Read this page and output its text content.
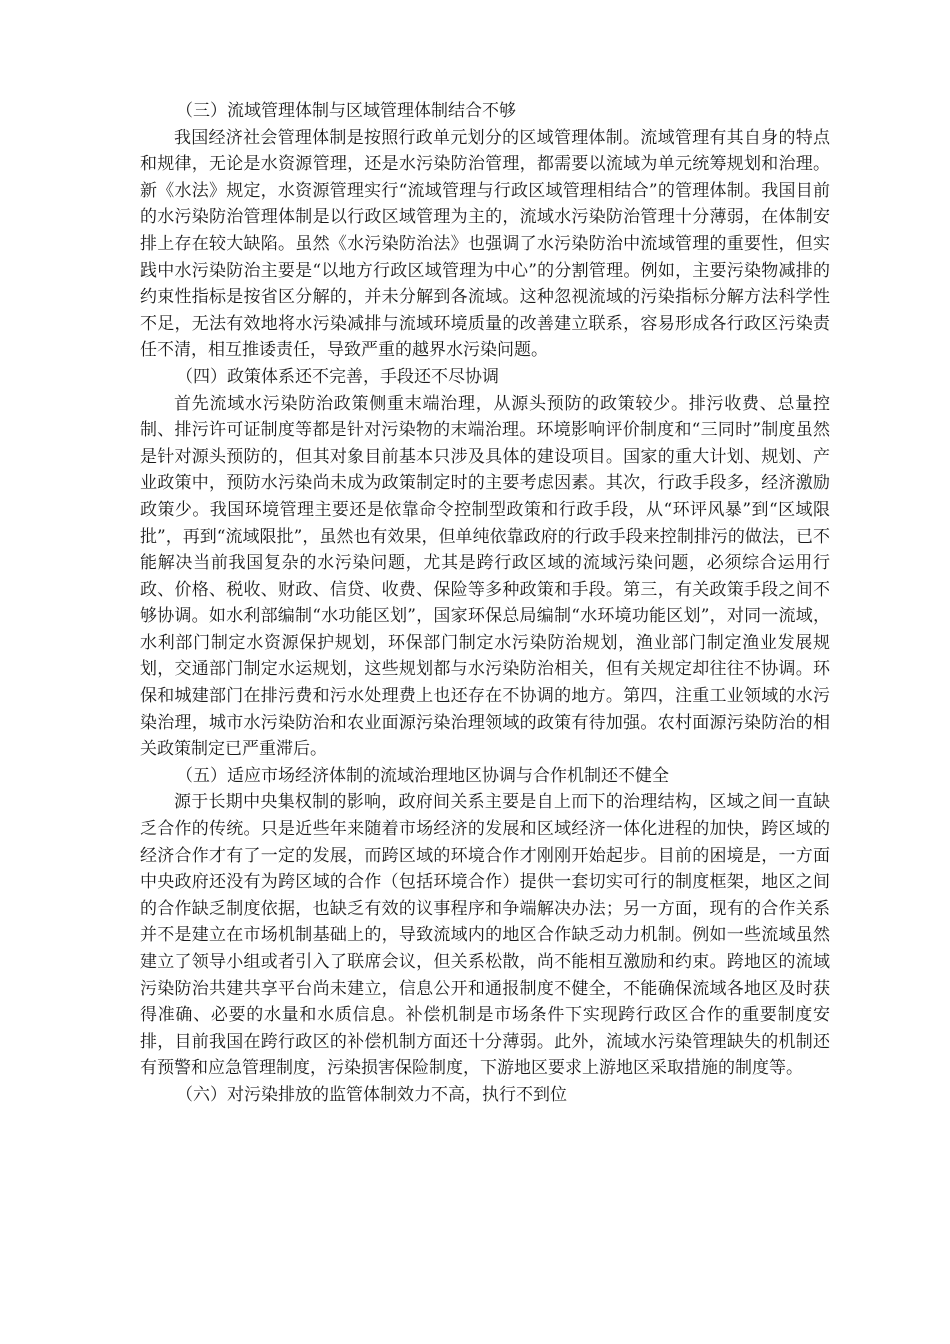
（三）流域管理体制与区域管理体制结合不够

我国经济社会管理体制是按照行政单元划分的区域管理体制。流域管理有其自身的特点和规律，无论是水资源管理，还是水污染防治管理，都需要以流域为单元统筹规划和治理。新《水法》规定，水资源管理实行“流域管理与行政区域管理相结合”的管理体制。我国目前的水污染防治管理体制是以行政区域管理为主的，流域水污染防治管理十分薄弱，在体制安排上存在较大缺陷。虽然《水污染防治法》也强调了水污染防治中流域管理的重要性，但实践中水污染防治主要是“以地方行政区域管理为中心”的分割管理。例如，主要污染物减排的约束性指标是按省区分解的，并未分解到各流域。这种忽视流域的污染指标分解方法科学性不足，无法有效地将水污染减排与流域环境质量的改善建立联系，容易形成各行政区污染责任不清，相互推诿责任，导致严重的越界水污染问题。

（四）政策体系还不完善，手段还不尽协调

首先流域水污染防治政策侧重末端治理，从源头预防的政策较少。排污收费、总量控制、排污许可证制度等都是针对污染物的末端治理。环境影响评价制度和“三同时”制度虽然是针对源头预防的，但其对象目前基本只涉及具体的建设项目。国家的重大计划、规划、产业政策中，预防水污染尚未成为政策制定时的主要考虑因素。其次，行政手段多，经济激励政策少。我国环境管理主要还是依靠命令控制型政策和行政手段，从“环评风暴”到“区域限批”，再到“流域限批”，虽然也有效果，但单纯依靠政府的行政手段来控制排污的做法，已不能解决当前我国复杂的水污染问题，尤其是跨行政区域的流域污染问题，必须综合运用行政、价格、税收、财政、信贷、收费、保险等多种政策和手段。第三，有关政策手段之间不够协调。如水利部编制“水功能区划”，国家环保总局编制“水环境功能区划”，对同一流域，水利部门制定水资源保护规划，环保部门制定水污染防治规划，渔业部门制定渔业发展规划，交通部门制定水运规划，这些规划都与水污染防治相关，但有关规定却往往不协调。环保和城建部门在排污费和污水处理费上也还存在不协调的地方。第四，注重工业领域的水污染治理，城市水污染防治和农业面源污染治理领域的政策有待加强。农村面源污染防治的相关政策制定已严重滞后。

（五）适应市场经济体制的流域治理地区协调与合作机制还不健全

源于长期中央集权制的影响，政府间关系主要是自上而下的治理结构，区域之间一直缺乏合作的传统。只是近些年来随着市场经济的发展和区域经济一体化进程的加快，跨区域的经济合作才有了一定的发展，而跨区域的环境合作才刚刚开始起步。目前的困境是，一方面中央政府还没有为跨区域的合作（包括环境合作）提供一套切实可行的制度框架，地区之间的合作缺乏制度依据，也缺乏有效的议事程序和争端解决办法；另一方面，现有的合作关系并不是建立在市场机制基础上的，导致流域内的地区合作缺乏动力机制。例如一些流域虽然建立了领导小组或者引入了联席会议，但关系松散，尚不能相互激励和约束。跨地区的流域污染防治共建共享平台尚未建立，信息公开和通报制度不健全，不能确保流域各地区及时获得准确、必要的水量和水质信息。补偿机制是市场条件下实现跨行政区合作的重要制度安排，目前我国在跨行政区的补偿机制方面还十分薄弱。此外，流域水污染管理缺失的机制还有预警和应急管理制度，污染损害保险制度，下游地区要求上游地区采取措施的制度等。

（六）对污染排放的监管体制效力不高，执行不到位
